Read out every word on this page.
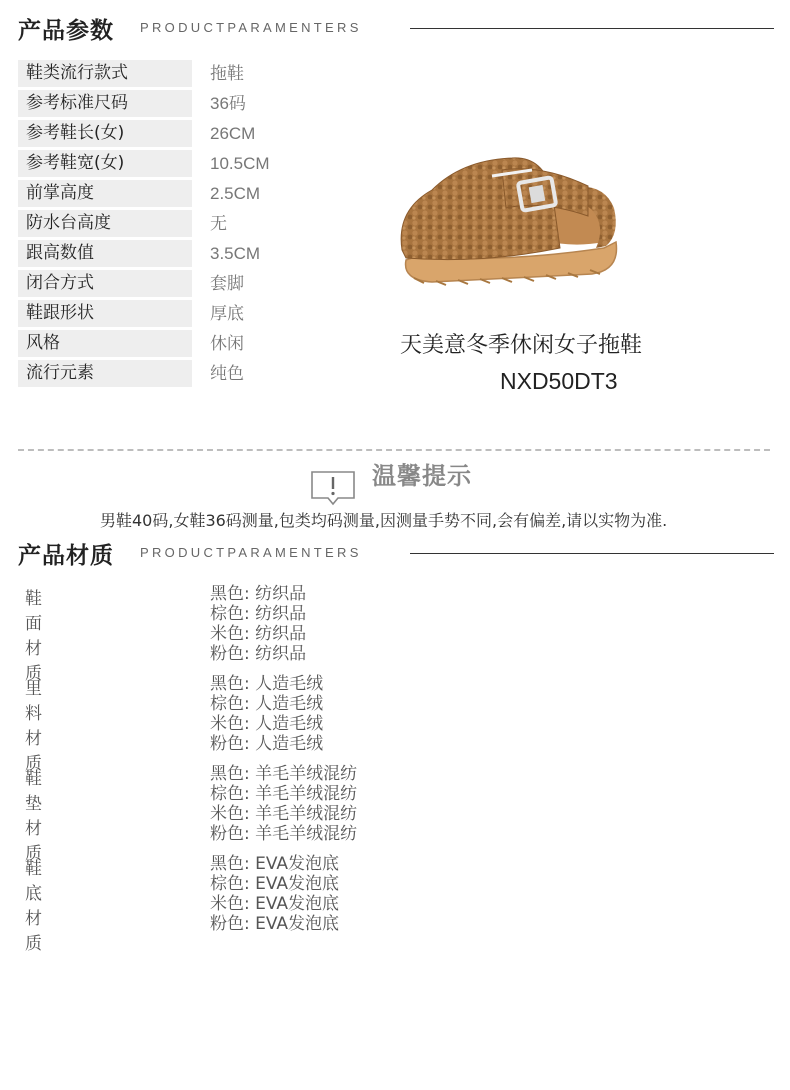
产品参数 PRODUCTPARAMENTERS
鞋类流行款式	拖鞋
参考标准尺码	36码
参考鞋长(女)	26CM
参考鞋宽(女)	10.5CM
前掌高度	2.5CM
防水台高度	无
跟高数值	3.5CM
闭合方式	套脚
鞋跟形状	厚底
风格	休闲
流行元素	纯色
天美意冬季休闲女子拖鞋
NXD50DT3
温馨提示
男鞋40码,女鞋36码测量,包类均码测量,因测量手势不同,会有偏差,请以实物为准.
产品材质 PRODUCTPARAMENTERS
鞋面材质
黑色: 纺织品
棕色: 纺织品
米色: 纺织品
粉色: 纺织品
里料材质
黑色: 人造毛绒
棕色: 人造毛绒
米色: 人造毛绒
粉色: 人造毛绒
鞋垫材质
黑色: 羊毛羊绒混纺
棕色: 羊毛羊绒混纺
米色: 羊毛羊绒混纺
粉色: 羊毛羊绒混纺
鞋底材质
黑色: EVA发泡底
棕色: EVA发泡底
米色: EVA发泡底
粉色: EVA发泡底
